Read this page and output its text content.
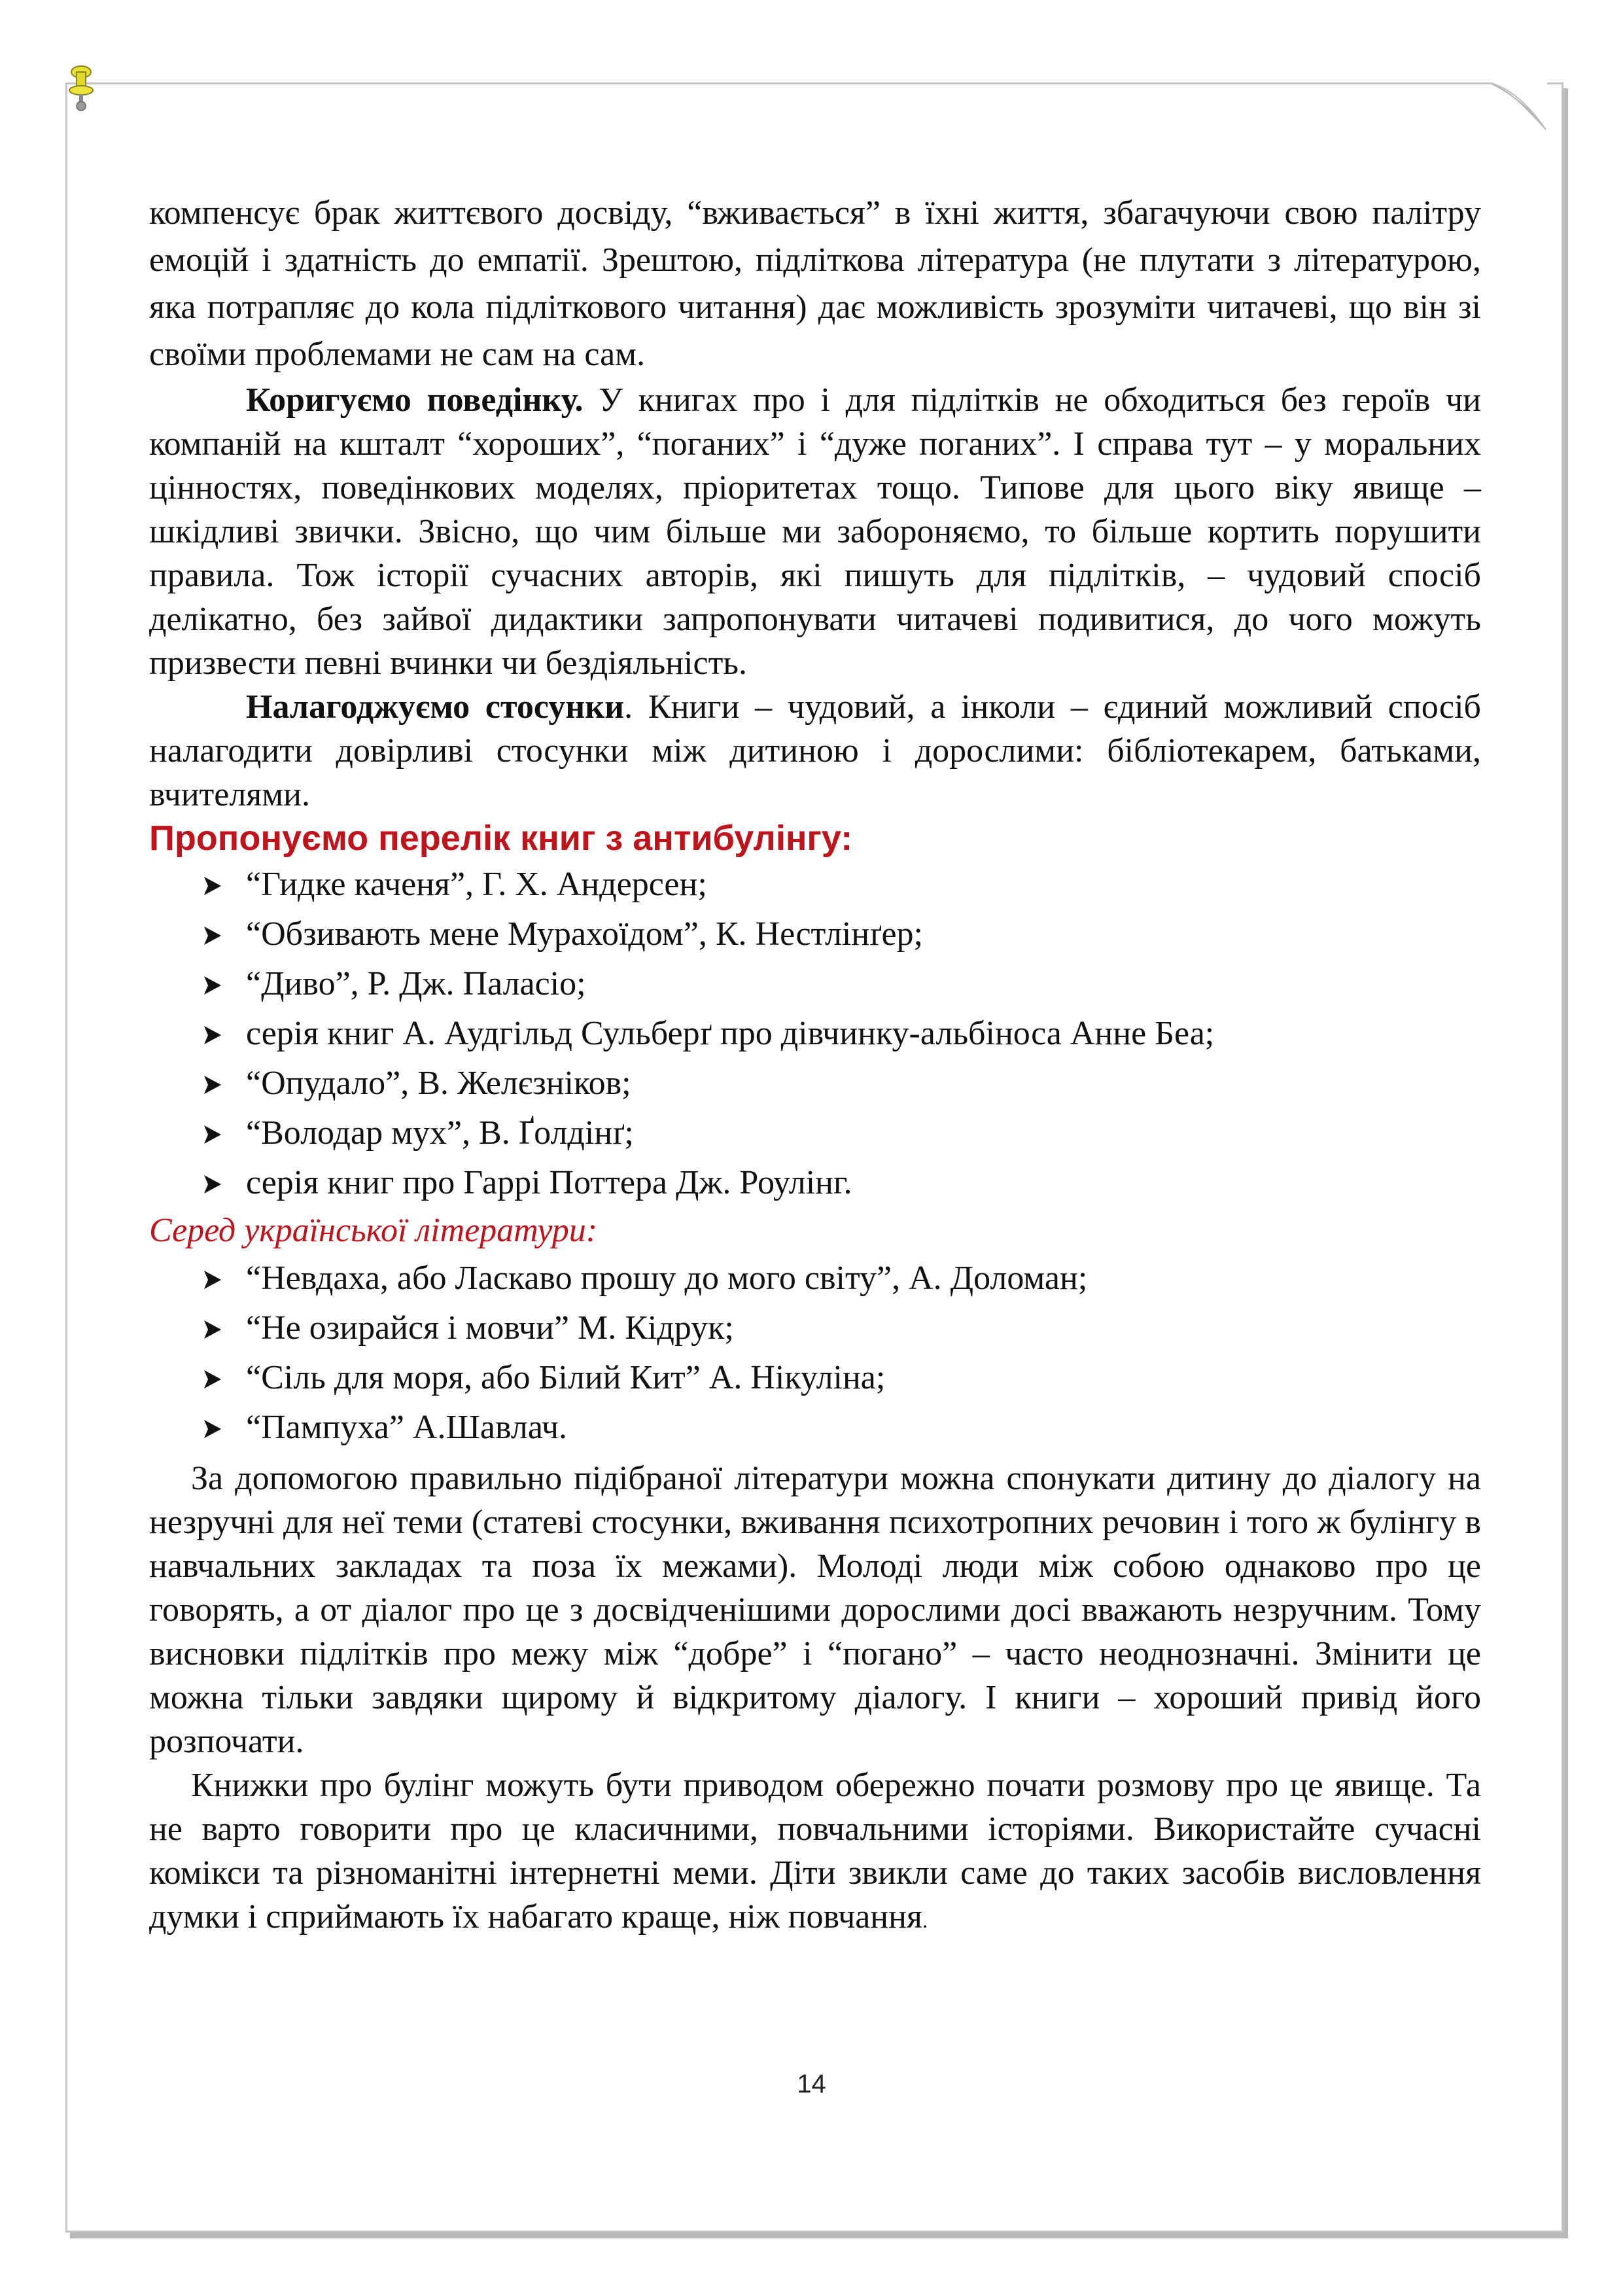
компенсує брак життєвого досвіду, “вживається” в їхні життя, збагачуючи свою палітру емоцій і здатність до емпатії. Зрештою, підліткова література (не плутати з літературою, яка потрапляє до кола підліткового читання) дає можливість зрозуміти читачеві, що він зі своїми проблемами не сам на сам.

Коригуємо поведінку. У книгах про і для підлітків не обходиться без героїв чи компаній на кшталт “хороших”, “поганих” і “дуже поганих”. І справа тут – у моральних цінностях, поведінкових моделях, пріоритетах тощо. Типове для цього віку явище – шкідливі звички. Звісно, що чим більше ми забороняємо, то більше кортить порушити правила. Тож історії сучасних авторів, які пишуть для підлітків, – чудовий спосіб делікатно, без зайвої дидактики запропонувати читачеві подивитися, до чого можуть призвести певні вчинки чи бездіяльність.

Налагоджуємо стосунки. Книги – чудовий, а інколи – єдиний можливий спосіб налагодити довірливі стосунки між дитиною і дорослими: бібліотекарем, батьками, вчителями.

Пропонуємо перелік книг з антибулінгу:

“Гидке каченя”, Г. Х. Андерсен;
“Обзивають мене Мурахоїдом”, К. Нестлінґер;
“Диво”, Р. Дж. Паласіо;
серія книг А. Аудгільд Сульберґ про дівчинку-альбіноса Анне Беа;
“Опудало”, В. Желєзніков;
“Володар мух”, В. Ґолдінґ;
серія книг про Гаррі Поттера Дж. Роулінг.

Серед української літератури:

“Невдаха, або Ласкаво прошу до мого світу”, А. Доломан;
“Не озирайся і мовчи” М. Кідрук;
“Сіль для моря, або Білий Кит” А. Нікуліна;
“Пампуха” А.Шавлач.

За допомогою правильно підібраної літератури можна спонукати дитину до діалогу на незручні для неї теми (статеві стосунки, вживання психотропних речовин і того ж булінгу в навчальних закладах та поза їх межами). Молоді люди між собою однаково про це говорять, а от діалог про це з досвідченішими дорослими досі вважають незручним. Тому висновки підлітків про межу між “добре” і “погано” – часто неоднозначні. Змінити це можна тільки завдяки щирому й відкритому діалогу. І книги – хороший привід його розпочати.

Книжки про булінг можуть бути приводом обережно почати розмову про це явище. Та не варто говорити про це класичними, повчальними історіями. Використайте сучасні комікси та різноманітні інтернетні меми. Діти звикли саме до таких засобів висловлення думки і сприймають їх набагато краще, ніж повчання.

14
